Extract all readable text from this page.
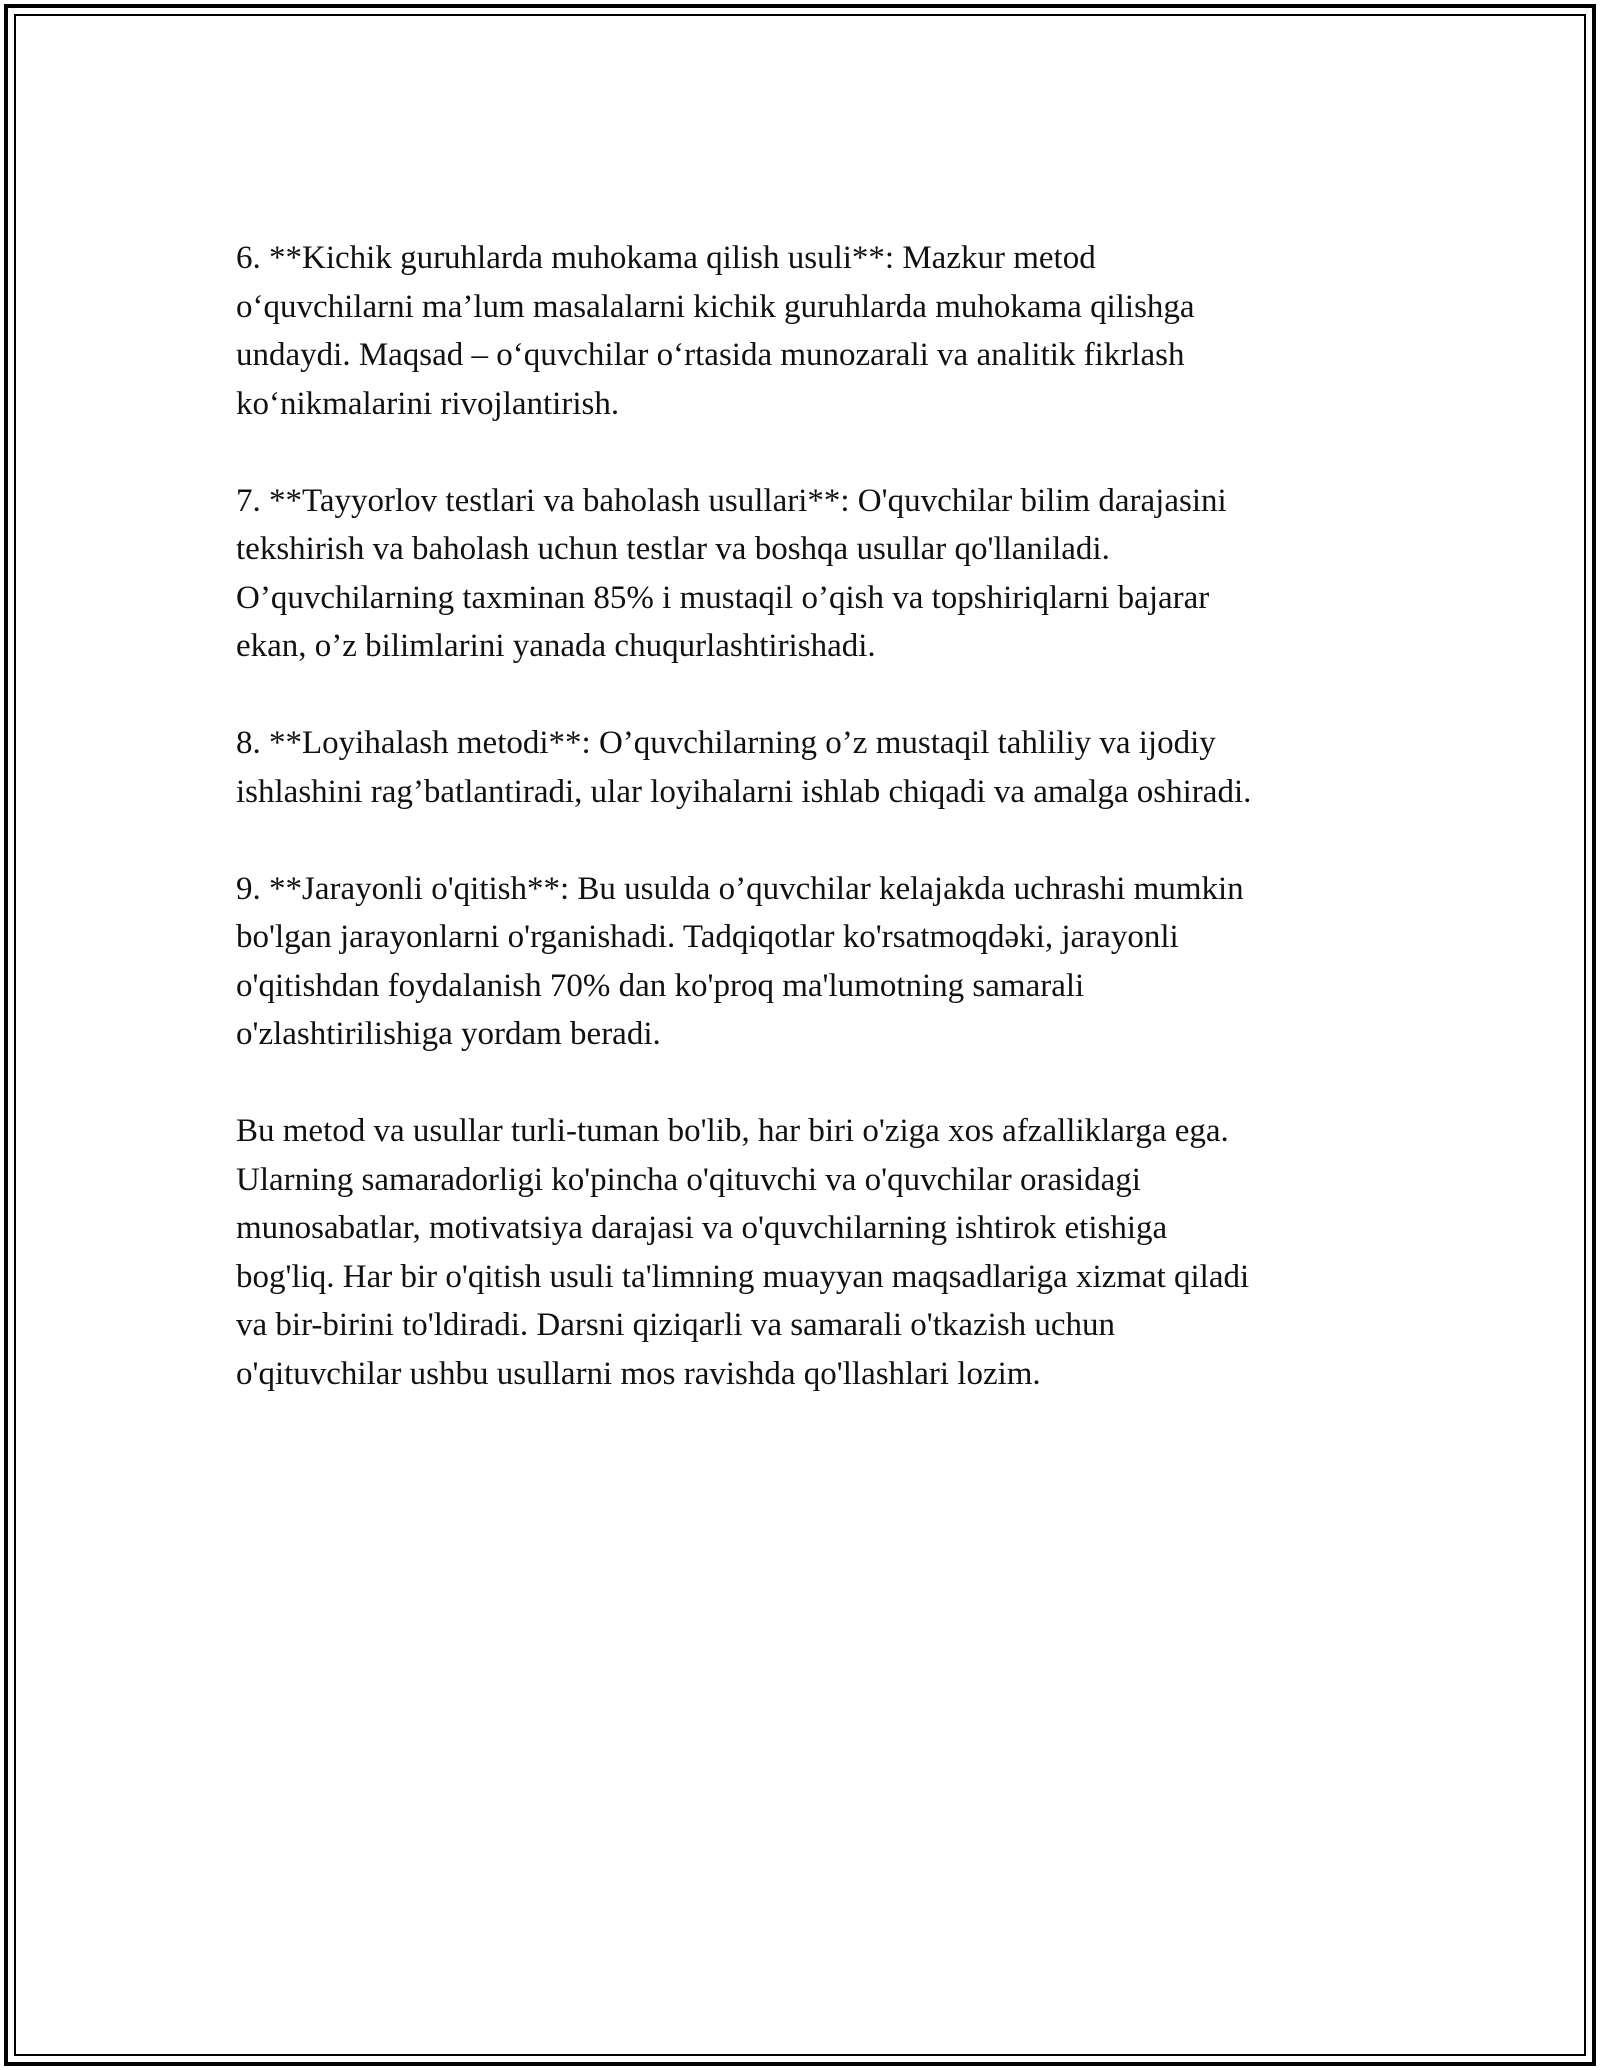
6. **Kichik guruhlarda muhokama qilish usuli**: Mazkur metod
o‘quvchilarni ma’lum masalalarni kichik guruhlarda muhokama qilishga
undaydi. Maqsad – o‘quvchilar o‘rtasida munozarali va analitik fikrlash
ko‘nikmalarini rivojlantirish.

7. **Tayyorlov testlari va baholash usullari**: O'quvchilar bilim darajasini
tekshirish va baholash uchun testlar va boshqa usullar qo'llaniladi.
O’quvchilarning taxminan 85% i mustaqil o’qish va topshiriqlarni bajarar
ekan, o’z bilimlarini yanada chuqurlashtirishadi.

8. **Loyihalash metodi**: O’quvchilarning o’z mustaqil tahliliy va ijodiy
ishlashini rag’batlantiradi, ular loyihalarni ishlab chiqadi va amalga oshiradi.

9. **Jarayonli o'qitish**: Bu usulda o’quvchilar kelajakda uchrashi mumkin
bo'lgan jarayonlarni o'rganishadi. Tadqiqotlar ko'rsatmoqdəki, jarayonli
o'qitishdan foydalanish 70% dan ko'proq ma'lumotning samarali
o'zlashtirilishiga yordam beradi.

Bu metod va usullar turli-tuman bo'lib, har biri o'ziga xos afzalliklarga ega.
Ularning samaradorligi ko'pincha o'qituvchi va o'quvchilar orasidagi
munosabatlar, motivatsiya darajasi va o'quvchilarning ishtirok etishiga
bog'liq. Har bir o'qitish usuli ta'limning muayyan maqsadlariga xizmat qiladi
va bir-birini to'ldiradi. Darsni qiziqarli va samarali o'tkazish uchun
o'qituvchilar ushbu usullarni mos ravishda qo'llashlari lozim.
